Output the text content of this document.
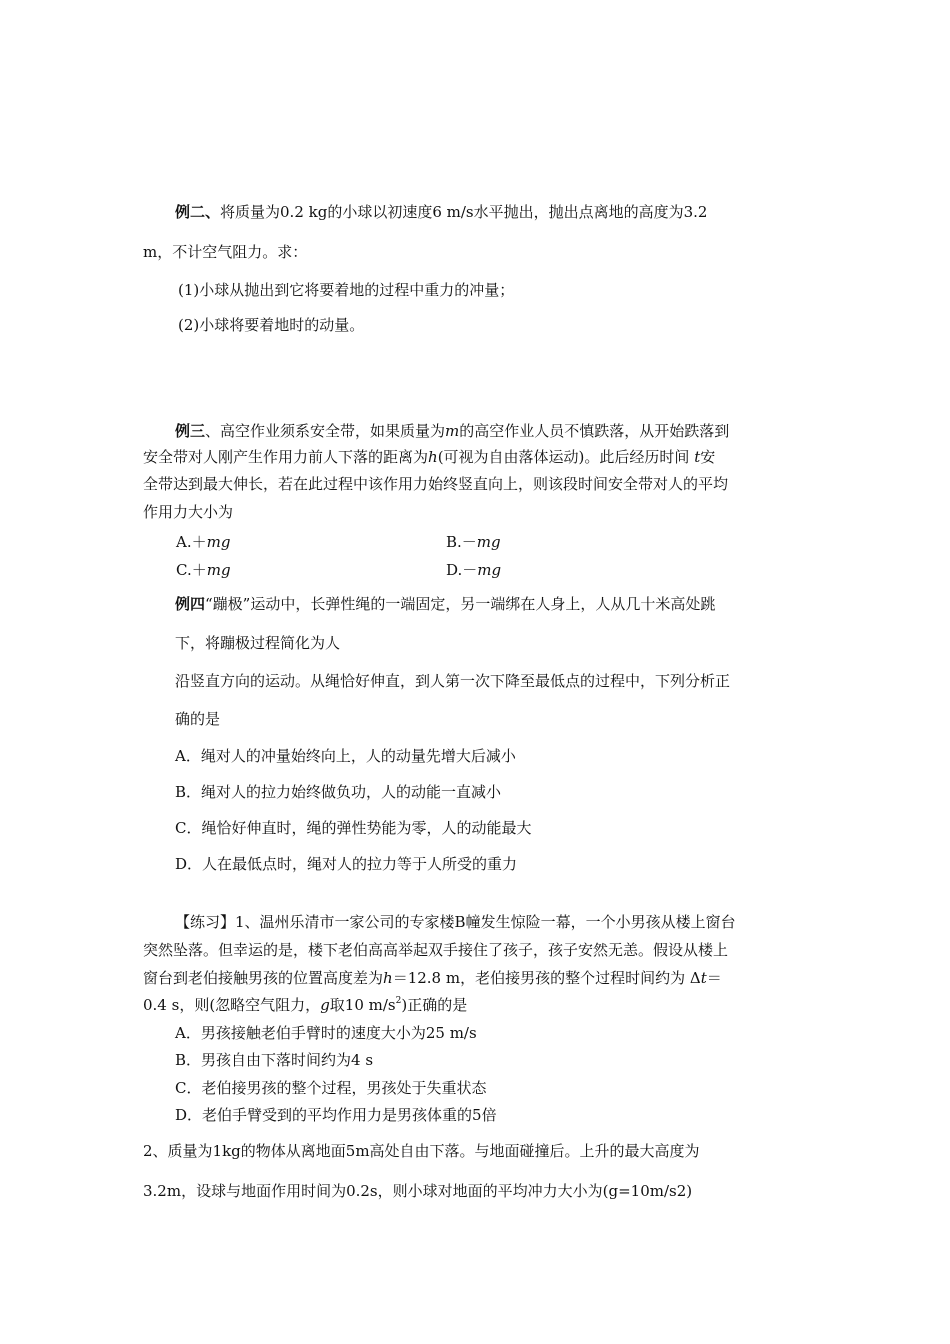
例二、将质量为0.2 kg的小球以初速度6 m/s水平抛出，抛出点离地的高度为3.2
m，不计空气阻力。求：
(1)小球从抛出到它将要着地的过程中重力的冲量；
(2)小球将要着地时的动量。
例三、高空作业须系安全带，如果质量为m的高空作业人员不慎跌落，从开始跌落到
安全带对人刚产生作用力前人下落的距离为h(可视为自由落体运动)。此后经历时间 t安
全带达到最大伸长，若在此过程中该作用力始终竖直向上，则该段时间安全带对人的平均
作用力大小为
A.＋mg	B.－mg
C.＋mg	D.－mg
例四“蹦极”运动中，长弹性绳的一端固定，另一端绑在人身上，人从几十米高处跳
下，将蹦极过程简化为人
沿竖直方向的运动。从绳恰好伸直，到人第一次下降至最低点的过程中，下列分析正
确的是
A．绳对人的冲量始终向上，人的动量先增大后减小
B．绳对人的拉力始终做负功，人的动能一直减小
C．绳恰好伸直时，绳的弹性势能为零，人的动能最大
D．人在最低点时，绳对人的拉力等于人所受的重力
【练习】1、温州乐清市一家公司的专家楼B幢发生惊险一幕，一个小男孩从楼上窗台
突然坠落。但幸运的是，楼下老伯高高举起双手接住了孩子，孩子安然无恙。假设从楼上
窗台到老伯接触男孩的位置高度差为h＝12.8 m，老伯接男孩的整个过程时间约为 Δt＝
0.4 s，则(忽略空气阻力，g取10 $m/s^2$)正确的是
A．男孩接触老伯手臂时的速度大小为25 m/s
B．男孩自由下落时间约为4 s
C．老伯接男孩的整个过程，男孩处于失重状态
D．老伯手臂受到的平均作用力是男孩体重的5倍
2、质量为1kg的物体从离地面5m高处自由下落。与地面碰撞后。上升的最大高度为
3.2m，设球与地面作用时间为0.2s，则小球对地面的平均冲力大小为(g=10m/s2)
